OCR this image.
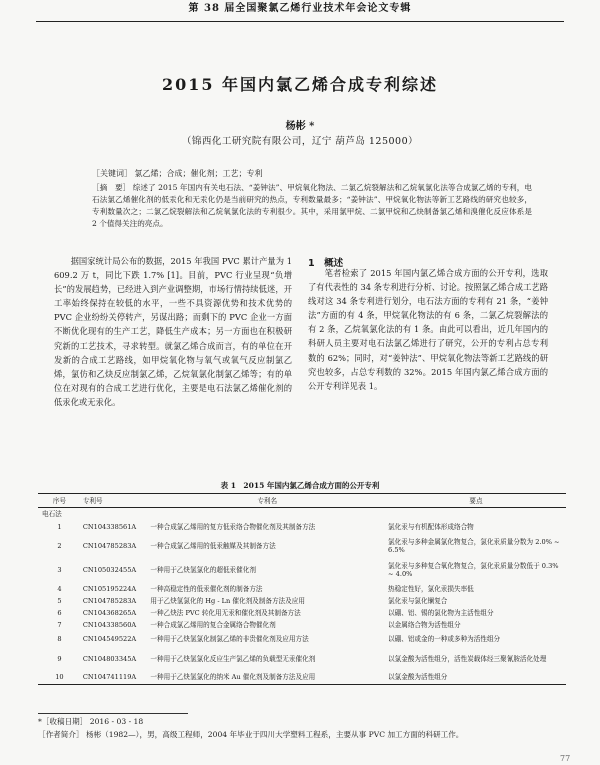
第 38 届全国聚氯乙烯行业技术年会论文专辑
2015 年国内氯乙烯合成专利综述
杨彬 *
（锦西化工研究院有限公司，辽宁 葫芦岛 125000）
［关键词］ 氯乙烯；合成；催化剂；工艺；专利
［摘　要］ 综述了 2015 年国内有关电石法、“姜钟法”、甲烷氧化物法、二氯乙烷裂解法和乙烷氧氯化法等合成氯乙烯的专利，电石法氯乙烯催化剂的低汞化和无汞化仍是当前研究的热点，专利数量最多；“姜钟法”、甲烷氧化物法等新工艺路线的研究也较多，专利数量次之；二氯乙烷裂解法和乙烷氧氯化法的专利很少。其中，采用氯甲烷、二氯甲烷和乙炔制备氯乙烯和溴催化反应体系是 2 个值得关注的亮点。
据国家统计局公布的数据，2015 年我国 PVC 累计产量为 1 609.2 万 t，同比下跌 1.7% [1]。目前，PVC 行业呈现“负增长”的发展趋势，已经进入到产业调整期，市场行情持续低迷，开工率始终保持在较低的水平，一些不具资源优势和技术优势的 PVC 企业纷纷关停转产，另谋出路；而剩下的 PVC 企业一方面不断优化现有的生产工艺，降低生产成本；另一方面也在积极研究新的工艺技术，寻求转型。就氯乙烯合成而言，有的单位在开发新的合成工艺路线，如甲烷氧化物与氧气或氧气反应制氯乙烯，氯仿和乙炔反应制氯乙烯，乙烷氧氯化制氯乙烯等；有的单位在对现有的合成工艺进行优化，主要是电石法氯乙烯催化剂的低汞化或无汞化。
1　概述
笔者检索了 2015 年国内氯乙烯合成方面的公开专利，选取了有代表性的 34 条专利进行分析、讨论。按照氯乙烯合成工艺路线对这 34 条专利进行划分，电石法方面的专利有 21 条，“姜钟法”方面的有 4 条，甲烷氧化物法的有 6 条，二氯乙烷裂解法的有 2 条，乙烷氧氯化法的有 1 条。由此可以看出，近几年国内的科研人员主要对电石法氯乙烯进行了研究，公开的专利占总专利数的 62%；同时，对“姜钟法”、甲烷氧化物法等新工艺路线的研究也较多，占总专利数的 32%。2015 年国内氯乙烯合成方面的公开专利详见表 1。
表 1　2015 年国内氯乙烯合成方面的公开专利
序号	专利号	专利名	要点
电石法			
1	CN104338561A	一种合成氯乙烯用的复方低汞络合物催化剂及其制备方法	氯化汞与有机配体形成络合物
2	CN104785283A	一种合成氯乙烯用的低汞触媒及其制备方法	氯化汞与多种金属氯化物复合，氯化汞质量分数为 2.0% ~ 6.5%
3	CN105032455A	一种用于乙炔氢氯化的超低汞催化剂	氯化汞与多种复合氧化物复合，氯化汞质量分数低于 0.3% ~ 4.0%
4	CN105195224A	一种高稳定性的低汞催化剂的制备方法	热稳定性好，氯化汞损失率低
5	CN104785283A	用于乙炔氢氯化的 Hg - Ln 催化剂及制备方法及应用	氯化汞与氯化镧复合
6	CN104368265A	一种乙炔法 PVC 转化用无汞和催化剂及其制备方法	以硼、铝、锡的氯化物为主活性组分
7	CN104338560A	一种合成氯乙烯用的复合金属络合物催化剂	以金属络合物为活性组分
8	CN104549522A	一种用于乙炔氢氯化制氯乙烯的非贵催化剂及应用方法	以硼、铝或金的一种或多种为活性组分
9	CN104803345A	一种用于乙炔氢氯化反应生产氯乙烯的负载型无汞催化剂	以氯金酸为活性组分，活性炭载体经三聚氰胺活化处理
10	CN104741119A	一种用于乙炔氢氯化的纳米 Au 催化剂及制备方法及应用	以氯金酸为活性组分
*［收稿日期］ 2016 - 03 - 18
［作者简介］ 杨彬（1982—），男，高级工程师，2004 年毕业于四川大学塑料工程系，主要从事 PVC 加工方面的科研工作。
77
